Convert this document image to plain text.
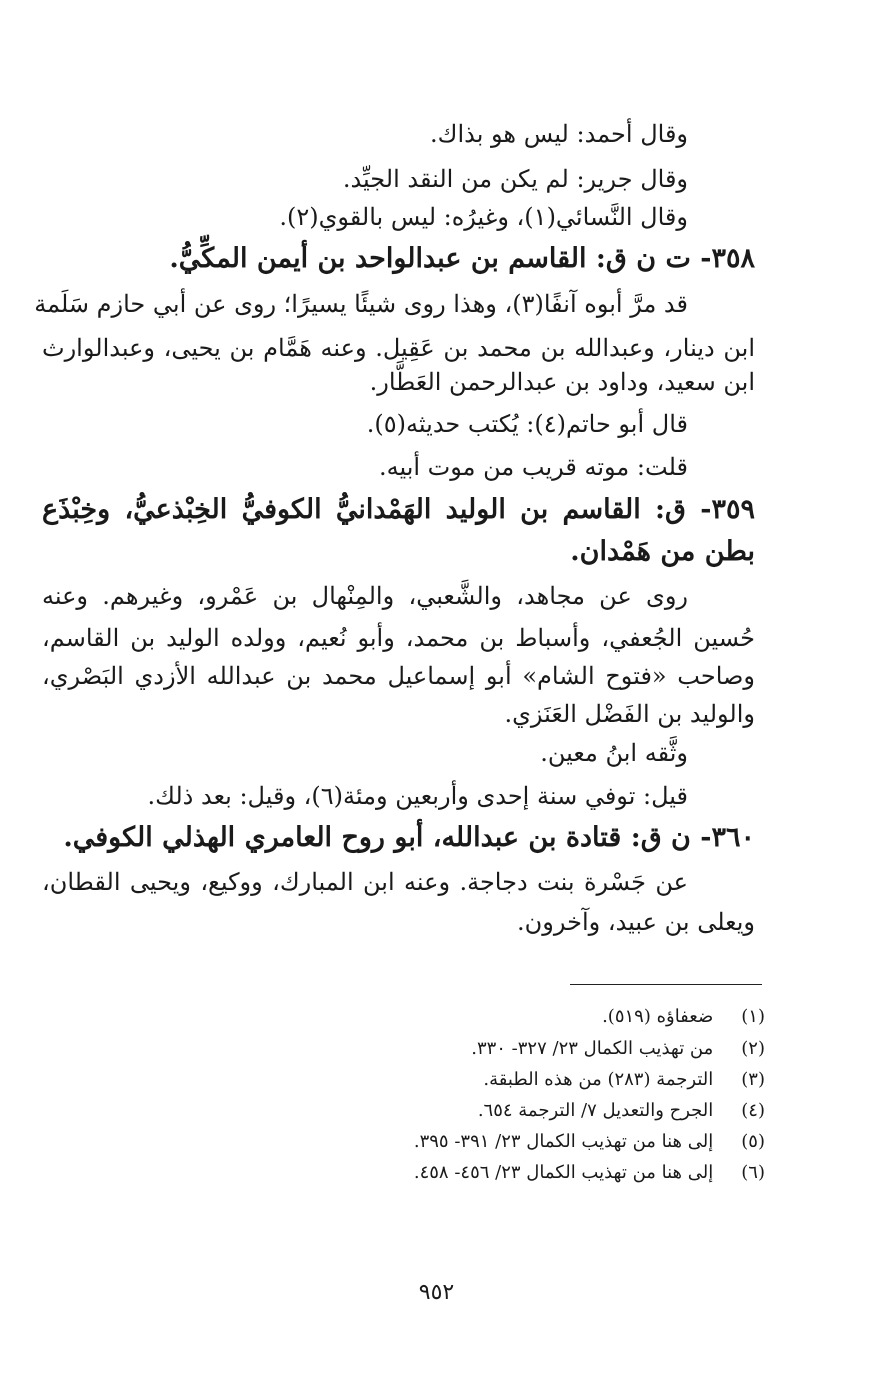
وقال أحمد: ليس هو بذاك.
وقال جرير: لم يكن من النقد الجيِّد.
وقال النَّسائي(١)، وغيرُه: ليس بالقوي(٢).
٣٥٨- ت ن ق: القاسم بن عبدالواحد بن أيمن المكِّيُّ.
قد مرَّ أبوه آنفًا(٣)، وهذا روى شيئًا يسيرًا؛ روى عن أبي حازم سَلَمة
ابن دينار، وعبدالله بن محمد بن عَقِيل. وعنه هَمَّام بن يحيى، وعبدالوارث
ابن سعيد، وداود بن عبدالرحمن العَطَّار.
قال أبو حاتم(٤): يُكتب حديثه(٥).
قلت: موته قريب من موت أبيه.
٣٥٩- ق: القاسم بن الوليد الهَمْدانيُّ الكوفيُّ الخِبْذعيُّ، وخِبْذَع
بطن من هَمْدان.
روى عن مجاهد، والشَّعبي، والمِنْهال بن عَمْرو، وغيرهم. وعنه
حُسين الجُعفي، وأسباط بن محمد، وأبو نُعيم، وولده الوليد بن القاسم،
وصاحب «فتوح الشام» أبو إسماعيل محمد بن عبدالله الأزدي البَصْري،
والوليد بن الفَضْل العَنَزي.
وثَّقه ابنُ معين.
قيل: توفي سنة إحدى وأربعين ومئة(٦)، وقيل: بعد ذلك.
٣٦٠- ن ق: قتادة بن عبدالله، أبو روح العامري الهذلي الكوفي.
عن جَسْرة بنت دجاجة. وعنه ابن المبارك، ووكيع، ويحيى القطان،
ويعلى بن عبيد، وآخرون.
(١) ضعفاؤه (٥١٩).
(٢) من تهذيب الكمال ٢٣/ ٣٢٧- ٣٣٠.
(٣) الترجمة (٢٨٣) من هذه الطبقة.
(٤) الجرح والتعديل ٧/ الترجمة ٦٥٤.
(٥) إلى هنا من تهذيب الكمال ٢٣/ ٣٩١- ٣٩٥.
(٦) إلى هنا من تهذيب الكمال ٢٣/ ٤٥٦- ٤٥٨.
٩٥٢
